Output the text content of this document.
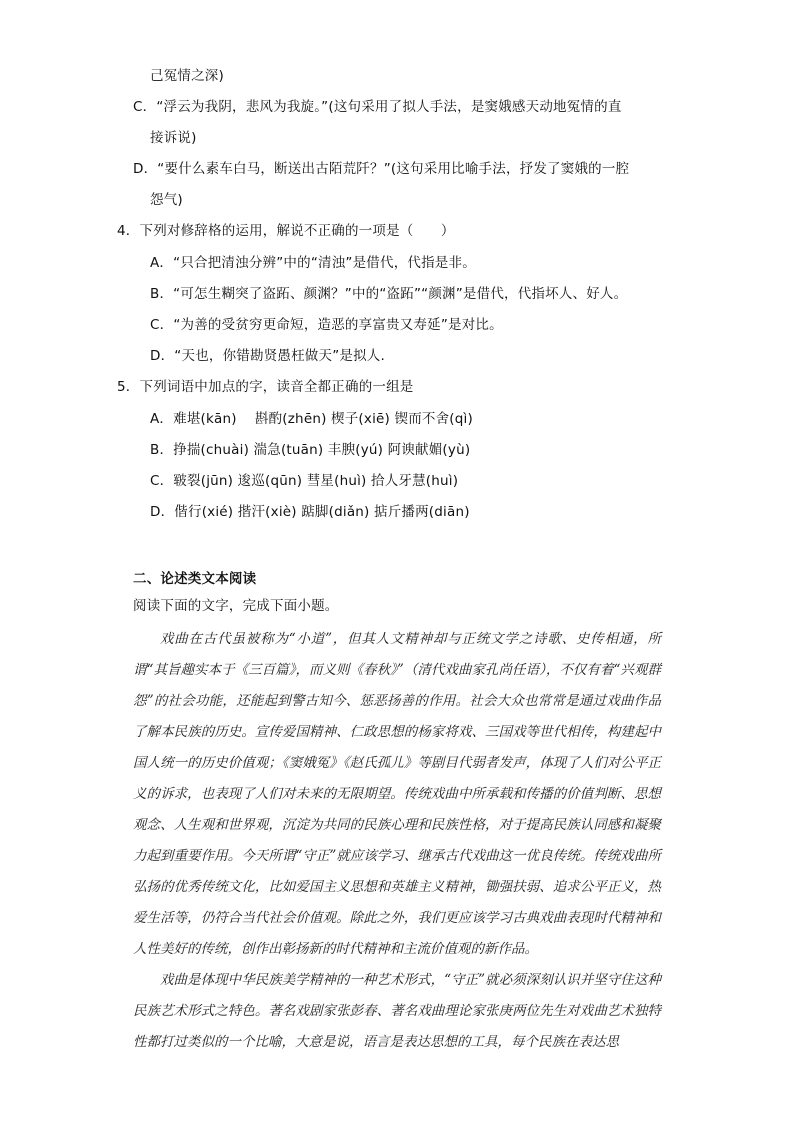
己冤情之深)
C．“浮云为我阴，悲风为我旋。”(这句采用了拟人手法，是窦娥感天动地冤情的直
接诉说)
D．“要什么素车白马，断送出古陌荒阡？”(这句采用比喻手法，抒发了窦娥的一腔
怨气)
4．下列对修辞格的运用，解说不正确的一项是（　　）
A．“只合把清浊分辨”中的“清浊”是借代，代指是非。
B．“可怎生糊突了盗跖、颜渊？”中的“盗跖”“颜渊”是借代，代指坏人、好人。
C．“为善的受贫穷更命短，造恶的享富贵又寿延”是对比。
D．“天也，你错勘贤愚枉做天”是拟人.
5．下列词语中加点的字，读音全都正确的一组是
A．难堪(kān)　 斟酌(zhēn) 楔子(xiē) 锲而不舍(qì)
B．挣揣(chuài) 湍急(tuān) 丰腴(yú) 阿谀献媚(yù)
C．皲裂(jūn) 逡巡(qūn) 彗星(huì) 拾人牙慧(huì)
D．偕行(xié) 揩汗(xiè) 踮脚(diǎn) 掂斤播两(diān)
二、论述类文本阅读
阅读下面的文字，完成下面小题。

戏曲在古代虽被称为“小道”，但其人文精神却与正统文学之诗歌、史传相通，所谓“其旨趣实本于《三百篇》，而义则《春秋》”（清代戏曲家孔尚任语），不仅有着“兴观群怨”的社会功能，还能起到警古知今、惩恶扬善的作用。社会大众也常常是通过戏曲作品了解本民族的历史。宣传爱国精神、仁政思想的杨家将戏、三国戏等世代相传，构建起中国人统一的历史价值观；《窦娥冤》《赵氏孤儿》等剧目代弱者发声，体现了人们对公平正义的诉求，也表现了人们对未来的无限期望。传统戏曲中所承载和传播的价值判断、思想观念、人生观和世界观，沉淀为共同的民族心理和民族性格，对于提高民族认同感和凝聚力起到重要作用。今天所谓“守正”就应该学习、继承古代戏曲这一优良传统。传统戏曲所弘扬的优秀传统文化，比如爱国主义思想和英雄主义精神，锄强扶弱、追求公平正义，热爱生活等，仍符合当代社会价值观。除此之外，我们更应该学习古典戏曲表现时代精神和人性美好的传统，创作出彰扬新的时代精神和主流价值观的新作品。

戏曲是体现中华民族美学精神的一种艺术形式，“守正”就必须深刻认识并坚守住这种民族艺术形式之特色。著名戏剧家张彭春、著名戏曲理论家张庚两位先生对戏曲艺术独特性都打过类似的一个比喻，大意是说，语言是表达思想的工具，每个民族在表达思
